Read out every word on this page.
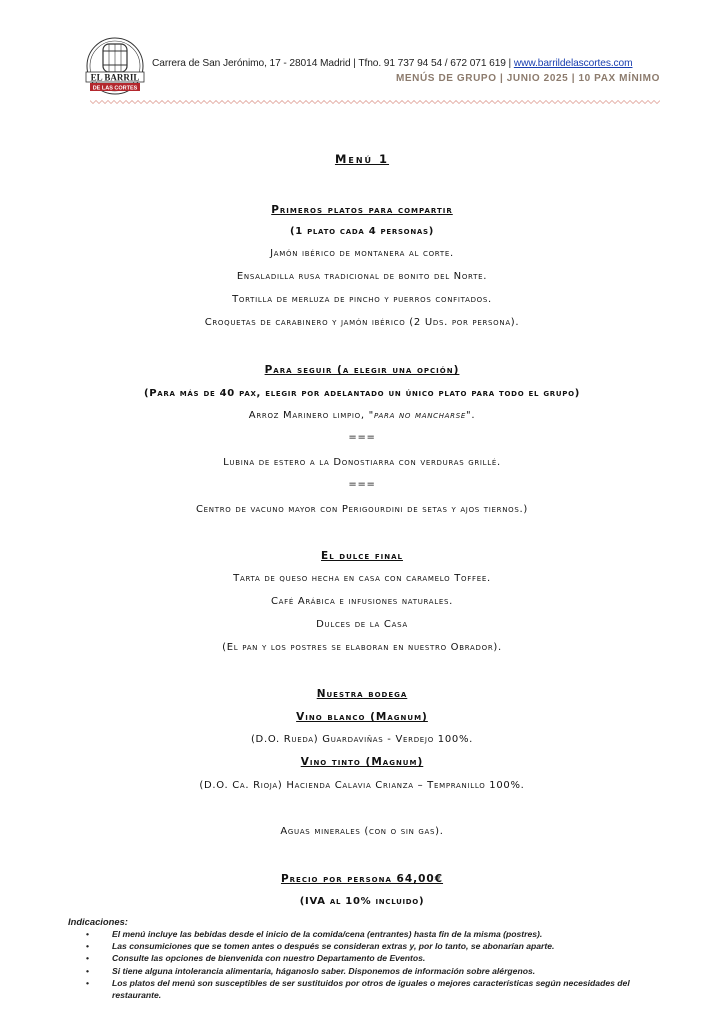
EL BARRIL
DE LAS CORTES
Carrera de San Jerónimo, 17 - 28014 Madrid | Tfno. 91 737 94 54 / 672 071 619 | www.barrildelascortes.com
MENÚS DE GRUPO | JUNIO 2025 | 10 PAX MÍNIMO
Menú 1
Primeros platos para compartir
(1 plato cada 4 personas)
Jamón ibérico de montanera al corte.
Ensaladilla rusa tradicional de bonito del Norte.
Tortilla de merluza de pincho y puerros confitados.
Croquetas de carabinero y jamón ibérico (2 Uds. por persona).
Para seguir (a elegir una opción)
(Para más de 40 pax, elegir por adelantado un único plato para todo el grupo)
Arroz Marinero limpio, "para no mancharse".
===
Lubina de estero a la Donostiarra con verduras grillé.
===
Centro de vacuno mayor con Perigourdini de setas y ajos tiernos.)
El dulce final
Tarta de queso hecha en casa con caramelo Toffee.
Café Arábica e infusiones naturales.
Dulces de la Casa
(El pan y los postres se elaboran en nuestro Obrador).
Nuestra bodega
Vino blanco (Magnum)
(D.O. Rueda) Guardaviñas - Verdejo 100%.
Vino tinto (Magnum)
(D.O. Ca. Rioja) Hacienda Calavia Crianza – Tempranillo 100%.
Aguas minerales (con o sin gas).
Precio por persona 64,00€
(IVA al 10% incluido)
Indicaciones:
•	El menú incluye las bebidas desde el inicio de la comida/cena (entrantes) hasta fin de la misma (postres).
•	Las consumiciones que se tomen antes o después se consideran extras y, por lo tanto, se abonarían aparte.
•	Consulte las opciones de bienvenida con nuestro Departamento de Eventos.
•	Si tiene alguna intolerancia alimentaria, háganoslo saber. Disponemos de información sobre alérgenos.
•	Los platos del menú son susceptibles de ser sustituidos por otros de iguales o mejores características según necesidades del restaurante.
